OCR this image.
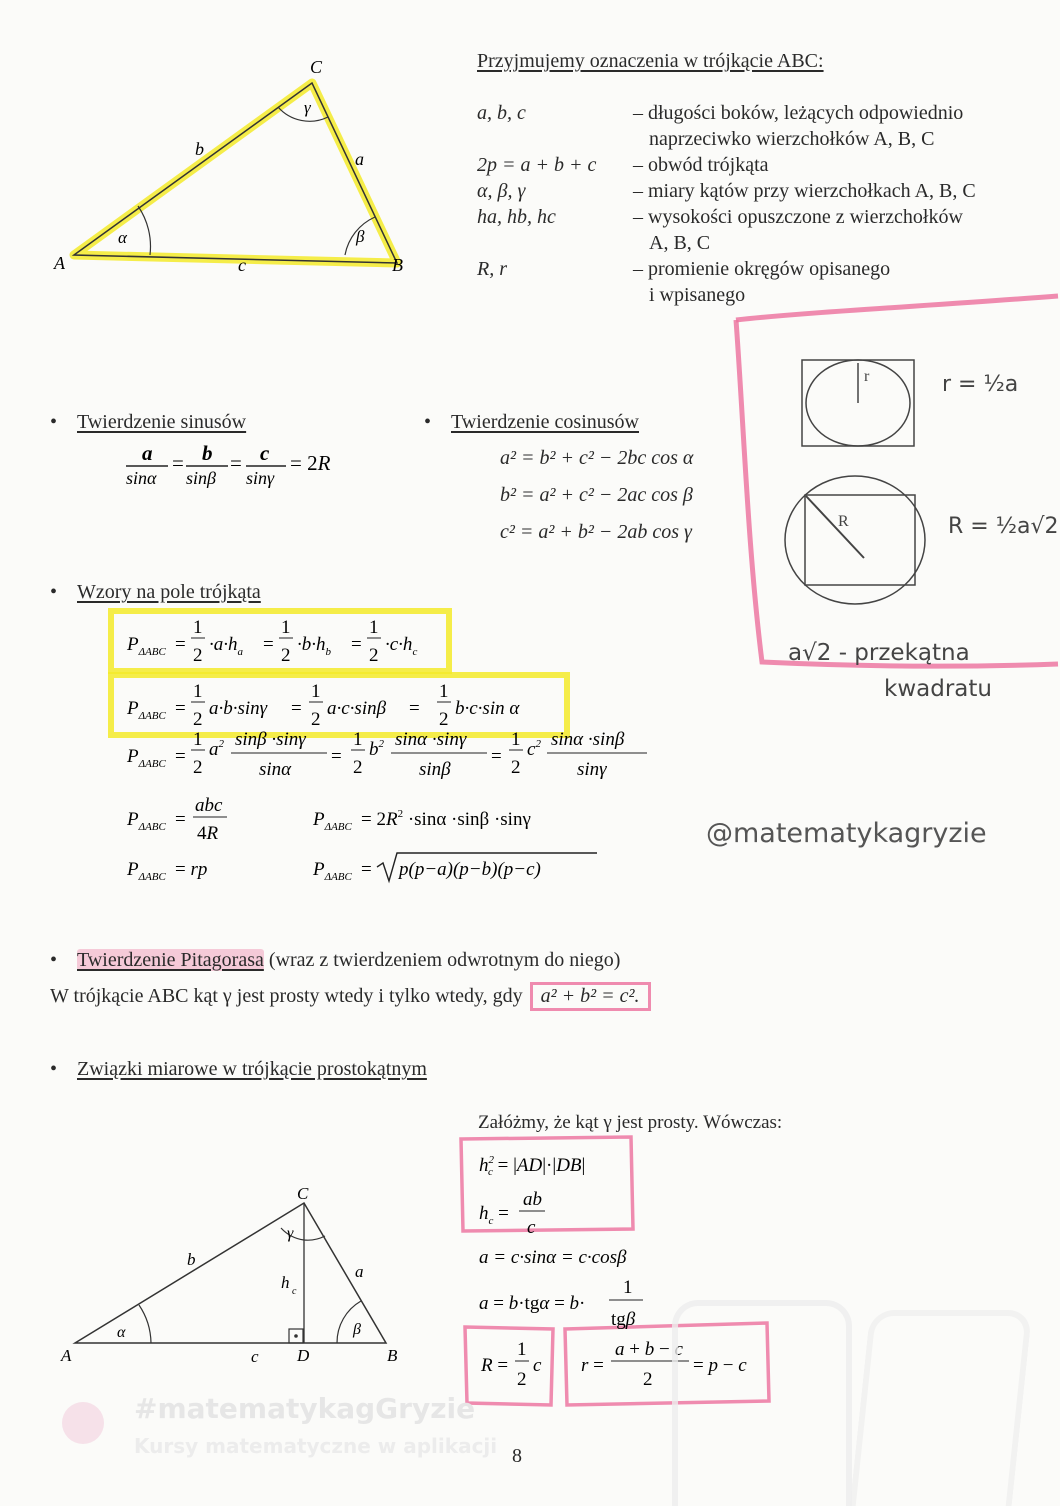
A	B
C
a
b
c
α	β
γ
Przyjmujemy oznaczenia w trójkącie ABC:
a, b, c	– długości boków, leżących odpowiednio
naprzeciwko wierzchołków A, B, C
2p = a + b + c – obwód trójkąta
α, β, γ	– miary kątów przy wierzchołkach A, B, C
ha, hb, hc	– wysokości opuszczone z wierzchołków
A, B, C
R, r	– promienie okręgów opisanego
i wpisanego
r
R
r = ½a
R = ½a√2
a√2 - przekątna
kwadratu
@matematykagryzie
• Twierdzenie sinusów
a
sinα
= b
sinβ
= c
sinγ
= 2R
• Twierdzenie cosinusów
a² = b² + c² − 2bc cos α
b² = a² + c² − 2ac cos β
c² = a² + b² − 2ab cos γ
• Wzory na pole trójkąta
$P_{\Delta ABC}$ =
1
2
$\cdot a\cdot h_a$ =
1
2
$\cdot b\cdot h_b$ =
1
2
$\cdot c\cdot h_c$
$P_{\Delta ABC}$ =
1
2
a·b·sinγ =
1
2
a·c·sinβ =
1
2
b·c·sin α
$P_{\Delta ABC}$ =
1
2
$a^2$ sinβ ·sinγ
sinα
=
1
2
$b^2$ sinα ·sinγ
sinβ
=
1
2
$c^2$ sinα ·sinβ
sinγ
$P_{\Delta ABC}$ =
abc
4R
$P_{\Delta ABC} = 2R^2 \cdot\sin\alpha \cdot\sin\beta \cdot\sin\gamma$
$P_{\Delta ABC}$ = rp	$P_{\Delta ABC} = p(p-a)(p-b)(p-c)$
• Twierdzenie Pitagorasa (wraz z twierdzeniem odwrotnym do niego)
W trójkącie ABC kąt γ jest prosty wtedy i tylko wtedy, gdy a² + b² = c².
• Związki miarowe w trójkącie prostokątnym
Załóżmy, że kąt γ jest prosty. Wówczas:
A	B
C
D
a
b
c
h c
α	β
γ
$h^2$ c = |AD|·|DB|
$h_c$ =
ab
c
a = c·sinα = c·cosβ
a = b·tgα = b·
1
tgβ
R =
1
2
c r =
a + b − c
2
= p − c
#matematykagGryzie
Kursy matematyczne w aplikacji 8
